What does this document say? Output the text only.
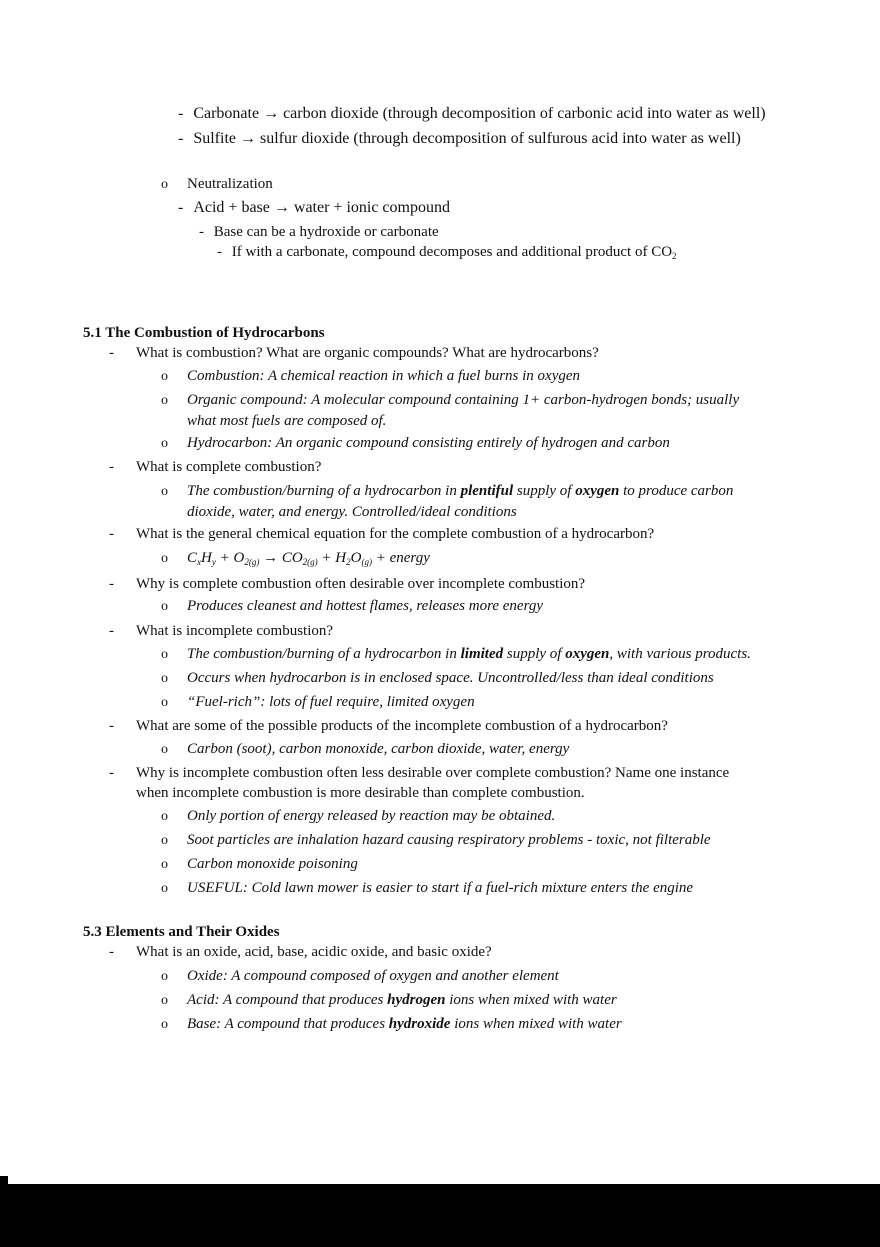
- Carbonate → carbon dioxide (through decomposition of carbonic acid into water as well)
- Sulfite → sulfur dioxide (through decomposition of sulfurous acid into water as well)
o Neutralization
- Acid + base → water + ionic compound
- Base can be a hydroxide or carbonate
- If with a carbonate, compound decomposes and additional product of $CO_2$
5.1 The Combustion of Hydrocarbons
- What is combustion? What are organic compounds? What are hydrocarbons?
o Combustion: A chemical reaction in which a fuel burns in oxygen
o Organic compound: A molecular compound containing 1+ carbon-hydrogen bonds; usually
what most fuels are composed of.
o Hydrocarbon: An organic compound consisting entirely of hydrogen and carbon
- What is complete combustion?
o The combustion/burning of a hydrocarbon in plentiful supply of oxygen to produce carbon
dioxide, water, and energy. Controlled/ideal conditions
- What is the general chemical equation for the complete combustion of a hydrocarbon?
o $C_xH_y + O_{2(g)} \to CO_{2(g)} + H_2O_{(g)}$ + energy
- Why is complete combustion often desirable over incomplete combustion?
o Produces cleanest and hottest flames, releases more energy
- What is incomplete combustion?
o The combustion/burning of a hydrocarbon in limited supply of oxygen, with various products.
o Occurs when hydrocarbon is in enclosed space. Uncontrolled/less than ideal conditions
o “Fuel-rich”: lots of fuel require, limited oxygen
- What are some of the possible products of the incomplete combustion of a hydrocarbon?
o Carbon (soot), carbon monoxide, carbon dioxide, water, energy
- Why is incomplete combustion often less desirable over complete combustion? Name one instance
when incomplete combustion is more desirable than complete combustion.
o Only portion of energy released by reaction may be obtained.
o Soot particles are inhalation hazard causing respiratory problems - toxic, not filterable
o Carbon monoxide poisoning
o USEFUL: Cold lawn mower is easier to start if a fuel-rich mixture enters the engine
5.3 Elements and Their Oxides
- What is an oxide, acid, base, acidic oxide, and basic oxide?
o Oxide: A compound composed of oxygen and another element
o Acid: A compound that produces hydrogen ions when mixed with water
o Base: A compound that produces hydroxide ions when mixed with water
